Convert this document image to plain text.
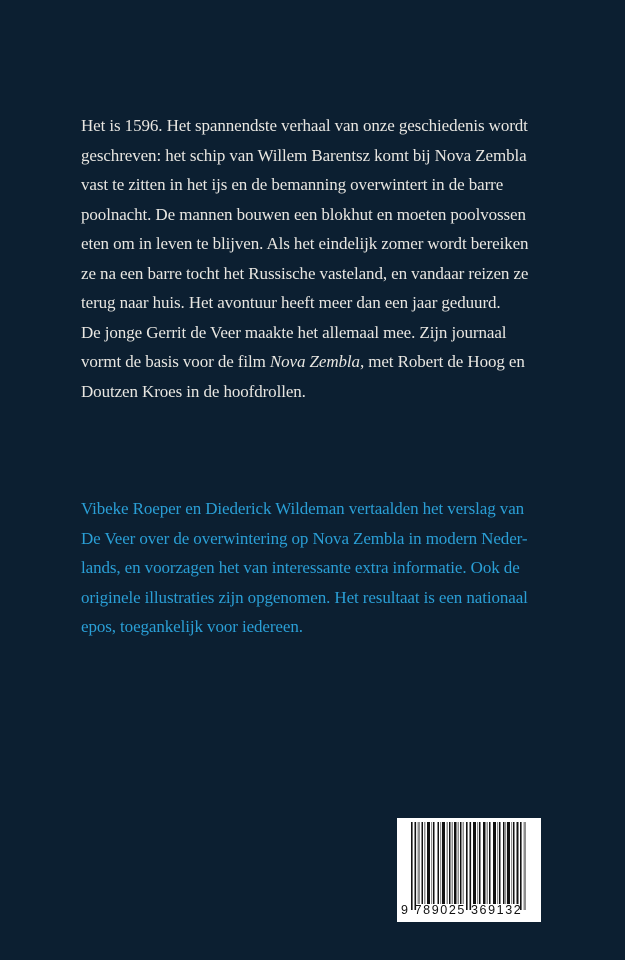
Het is 1596. Het spannendste verhaal van onze geschiedenis wordt
geschreven: het schip van Willem Barentsz komt bij Nova Zembla
vast te zitten in het ijs en de bemanning overwintert in de barre
poolnacht. De mannen bouwen een blokhut en moeten poolvossen
eten om in leven te blijven. Als het eindelijk zomer wordt bereiken
ze na een barre tocht het Russische vasteland, en vandaar reizen ze
terug naar huis. Het avontuur heeft meer dan een jaar geduurd.
De jonge Gerrit de Veer maakte het allemaal mee. Zijn journaal
vormt de basis voor de film Nova Zembla, met Robert de Hoog en
Doutzen Kroes in de hoofdrollen.
Vibeke Roeper en Diederick Wildeman vertaalden het verslag van
De Veer over de overwintering op Nova Zembla in modern Neder-
lands, en voorzagen het van interessante extra informatie. Ook de
originele illustraties zijn opgenomen. Het resultaat is een nationaal
epos, toegankelijk voor iedereen.
9 789025 369132
